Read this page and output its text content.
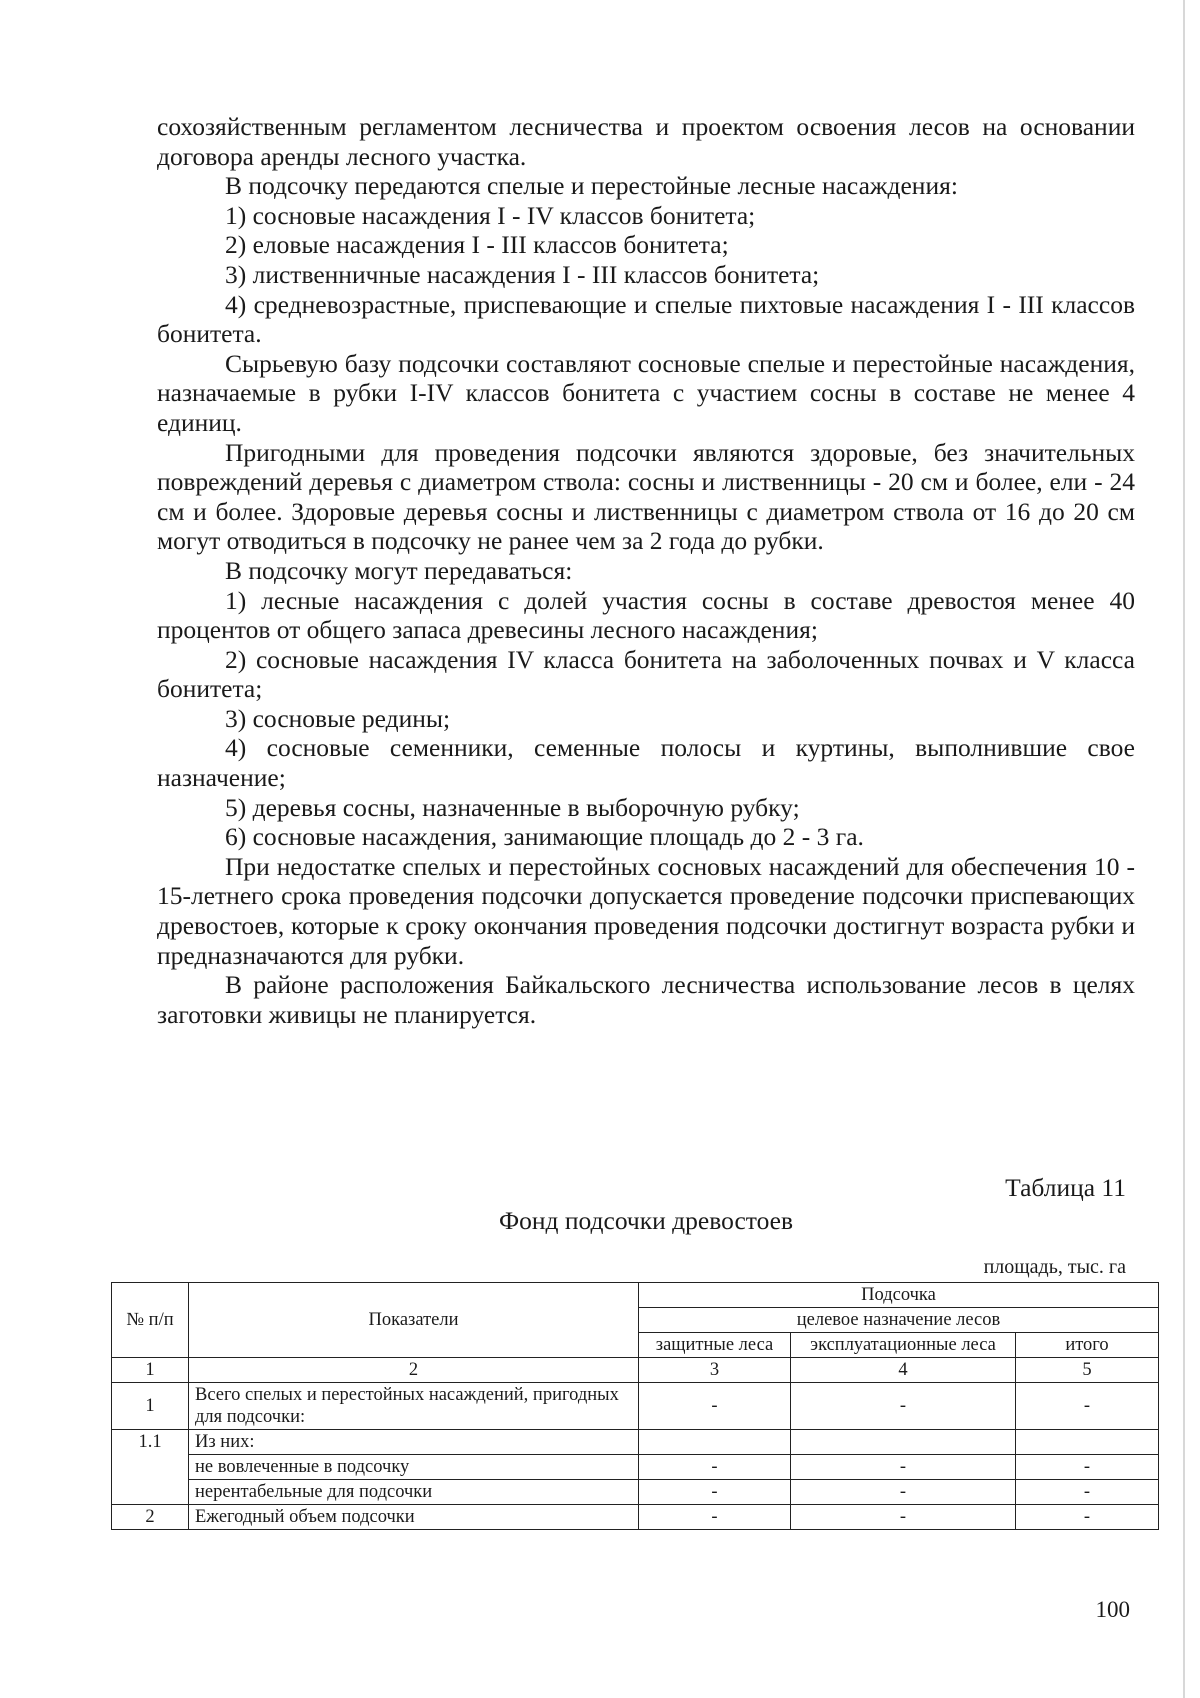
сохозяйственным регламентом лесничества и проектом освоения лесов на основании договора аренды лесного участка.

В подсочку передаются спелые и перестойные лесные насаждения:

1) сосновые насаждения I - IV классов бонитета;

2) еловые насаждения I - III классов бонитета;

3) лиственничные насаждения I - III классов бонитета;

4) средневозрастные, приспевающие и спелые пихтовые насаждения I - III классов бонитета.

Сырьевую базу подсочки составляют сосновые спелые и перестойные насаждения, назначаемые в рубки I-IV классов бонитета с участием сосны в составе не менее 4 единиц.

Пригодными для проведения подсочки являются здоровые, без значительных повреждений деревья с диаметром ствола: сосны и лиственницы - 20 см и более, ели - 24 см и более. Здоровые деревья сосны и лиственницы с диаметром ствола от 16 до 20 см могут отводиться в подсочку не ранее чем за 2 года до рубки.

В подсочку могут передаваться:

1) лесные насаждения с долей участия сосны в составе древостоя менее 40 процентов от общего запаса древесины лесного насаждения;

2) сосновые насаждения IV класса бонитета на заболоченных почвах и V класса бонитета;

3) сосновые редины;

4) сосновые семенники, семенные полосы и куртины, выполнившие свое назначение;

5) деревья сосны, назначенные в выборочную рубку;

6) сосновые насаждения, занимающие площадь до 2 - 3 га.

При недостатке спелых и перестойных сосновых насаждений для обеспечения 10 - 15-летнего срока проведения подсочки допускается проведение подсочки приспевающих древостоев, которые к сроку окончания проведения подсочки достигнут возраста рубки и предназначаются для рубки.

В районе расположения Байкальского лесничества использование лесов в целях заготовки живицы не планируется.

Таблица 11
Фонд подсочки древостоев
площадь, тыс. га
№ п/п	Показатели	Подсочка		
		целевое назначение лесов		
		защитные леса	эксплуатационные леса	итого
1	2	3	4	5
1	Всего спелых и перестойных насаждений, пригодных для подсочки:	-	-	-
1.1	Из них:			
	не вовлеченные в подсочку	-	-	-
	нерентабельные для подсочки	-	-	-
2	Ежегодный объем подсочки	-	-	-
100
